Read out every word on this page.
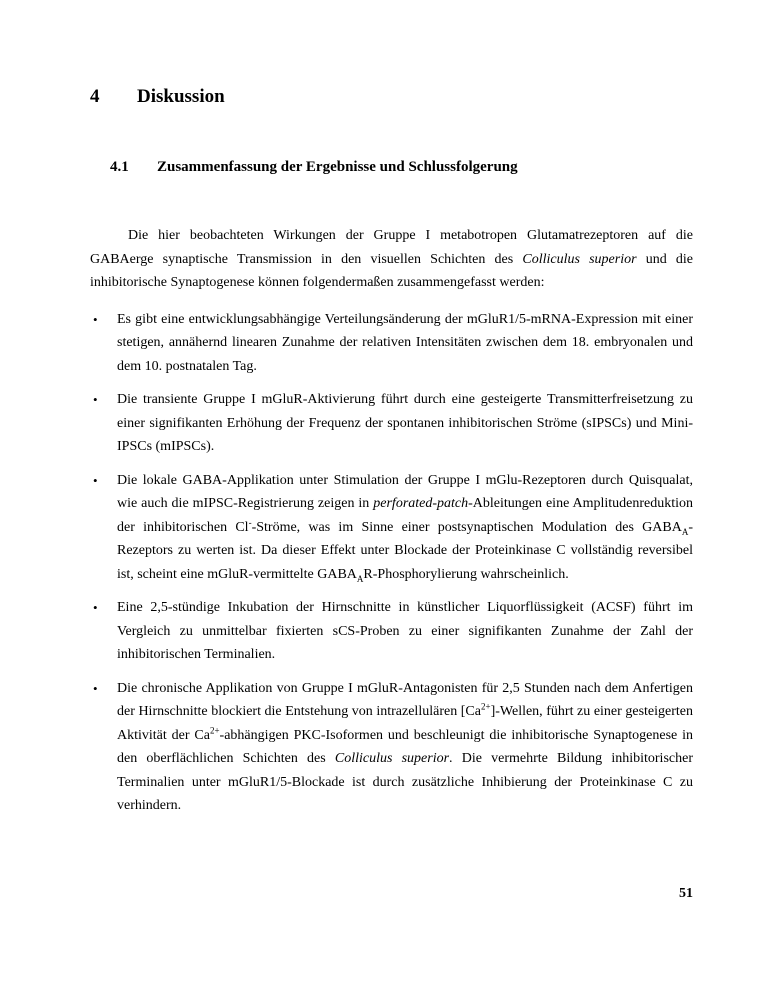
4 Diskussion
4.1 Zusammenfassung der Ergebnisse und Schlussfolgerung

Die hier beobachteten Wirkungen der Gruppe I metabotropen Glutamatrezeptoren auf die GABAerge synaptische Transmission in den visuellen Schichten des Colliculus superior und die inhibitorische Synaptogenese können folgendermaßen zusammengefasst werden:

• Es gibt eine entwicklungsabhängige Verteilungsänderung der mGluR1/5-mRNA-Expression mit einer stetigen, annähernd linearen Zunahme der relativen Intensitäten zwischen dem 18. embryonalen und dem 10. postnatalen Tag.
• Die transiente Gruppe I mGluR-Aktivierung führt durch eine gesteigerte Transmitterfreisetzung zu einer signifikanten Erhöhung der Frequenz der spontanen inhibitorischen Ströme (sIPSCs) und Mini-IPSCs (mIPSCs).
• Die lokale GABA-Applikation unter Stimulation der Gruppe I mGlu-Rezeptoren durch Quisqualat, wie auch die mIPSC-Registrierung zeigen in perforated-patch-Ableitungen eine Amplitudenreduktion der inhibitorischen Cl--Ströme, was im Sinne einer postsynaptischen Modulation des $GABA_A$-Rezeptors zu werten ist. Da dieser Effekt unter Blockade der Proteinkinase C vollständig reversibel ist, scheint eine mGluR-vermittelte $GABA_AR$-Phosphorylierung wahrscheinlich.
• Eine 2,5-stündige Inkubation der Hirnschnitte in künstlicher Liquorflüssigkeit (ACSF) führt im Vergleich zu unmittelbar fixierten sCS-Proben zu einer signifikanten Zunahme der Zahl der inhibitorischen Terminalien.
• Die chronische Applikation von Gruppe I mGluR-Antagonisten für 2,5 Stunden nach dem Anfertigen der Hirnschnitte blockiert die Entstehung von intrazellulären $[Ca^{2+}]$-Wellen, führt zu einer gesteigerten Aktivität der $Ca^{2+}$-abhängigen PKC-Isoformen und beschleunigt die inhibitorische Synaptogenese in den oberflächlichen Schichten des Colliculus superior. Die vermehrte Bildung inhibitorischer Terminalien unter mGluR1/5-Blockade ist durch zusätzliche Inhibierung der Proteinkinase C zu verhindern.
51
